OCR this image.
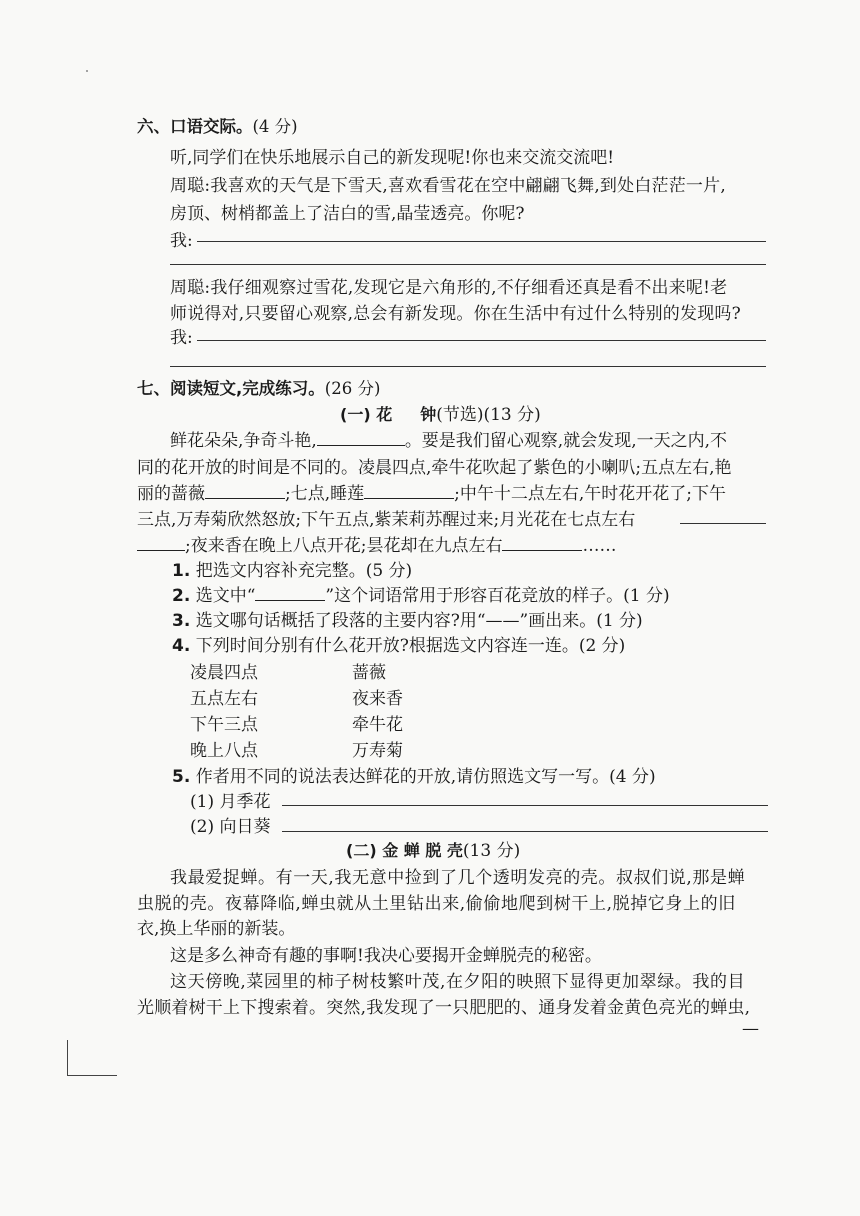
六、口语交际。(4 分)
听,同学们在快乐地展示自己的新发现呢!你也来交流交流吧!
周聪:我喜欢的天气是下雪天,喜欢看雪花在空中翩翩飞舞,到处白茫茫一片,
房顶、树梢都盖上了洁白的雪,晶莹透亮。你呢?
我:
周聪:我仔细观察过雪花,发现它是六角形的,不仔细看还真是看不出来呢!老
师说得对,只要留心观察,总会有新发现。你在生活中有过什么特别的发现吗?
我:
七、阅读短文,完成练习。(26 分)
(一) 花 钟(节选)(13 分)
鲜花朵朵,争奇斗艳,	。要是我们留心观察,就会发现,一天之内,不
同的花开放的时间是不同的。凌晨四点,牵牛花吹起了紫色的小喇叭;五点左右,艳
丽的蔷薇	;七点,睡莲	;中午十二点左右,午时花开花了;下午
三点,万寿菊欣然怒放;下午五点,紫茉莉苏醒过来;月光花在七点左右
;夜来香在晚上八点开花;昙花却在九点左右	……
1. 把选文内容补充完整。(5 分)
2. 选文中“	”这个词语常用于形容百花竞放的样子。(1 分)
3. 选文哪句话概括了段落的主要内容?用“——”画出来。(1 分)
4. 下列时间分别有什么花开放?根据选文内容连一连。(2 分)
凌晨四点
五点左右
下午三点
晚上八点
蔷薇
夜来香
牵牛花
万寿菊
5. 作者用不同的说法表达鲜花的开放,请仿照选文写一写。(4 分)
(1) 月季花
(2) 向日葵
(二) 金 蝉 脱 壳(13 分)
我最爱捉蝉。有一天,我无意中捡到了几个透明发亮的壳。叔叔们说,那是蝉
虫脱的壳。夜幕降临,蝉虫就从土里钻出来,偷偷地爬到树干上,脱掉它身上的旧
衣,换上华丽的新装。
这是多么神奇有趣的事啊!我决心要揭开金蝉脱壳的秘密。
这天傍晚,菜园里的柿子树枝繁叶茂,在夕阳的映照下显得更加翠绿。我的目
光顺着树干上下搜索着。突然,我发现了一只肥肥的、通身发着金黄色亮光的蝉虫,
—
